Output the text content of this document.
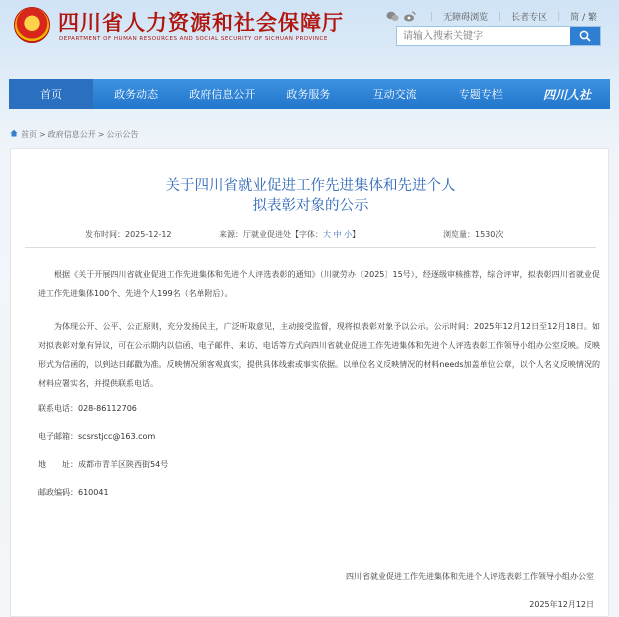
四川省人力资源和社会保障厅
DEPARTMENT OF HUMAN RESOURCES AND SOCIAL SECURITY OF SICHUAN PROVINCE
| 无障碍浏览 | 长者专区 | 简 / 繁
请输入搜索关键字
首页	政务动态	政府信息公开	政务服务	互动交流	专题专栏	四川人社
首页 > 政府信息公开 > 公示公告
关于四川省就业促进工作先进集体和先进个人
拟表彰对象的公示
发布时间：2025-12-12	来源：厅就业促进处【字体：大 中 小】	浏览量：1530次
根据《关于开展四川省就业促进工作先进集体和先进个人评选表彰的通知》（川就劳办〔2025〕15号），经逐级审核推荐，综合评审，拟表彰四川省就业促进工作先进集体100个、先进个人199名（名单附后）。
为体现公开、公平、公正原则，充分发扬民主，广泛听取意见，主动接受监督，现将拟表彰对象予以公示。公示时间：2025年12月12日至12月18日。如对拟表彰对象有异议，可在公示期内以信函、电子邮件、来访、电话等方式向四川省就业促进工作先进集体和先进个人评选表彰工作领导小组办公室反映。反映形式为信函的，以到达日邮戳为准。反映情况须客观真实，提供具体线索或事实依据。以单位名义反映情况的材料needs加盖单位公章，以个人名义反映情况的材料应署实名，并提供联系电话。
联系电话：028-86112706
电子邮箱：scsrstjcc@163.com
地　　址：成都市青羊区陕西街54号
邮政编码：610041
四川省就业促进工作先进集体和先进个人评选表彰工作领导小组办公室
2025年12月12日
